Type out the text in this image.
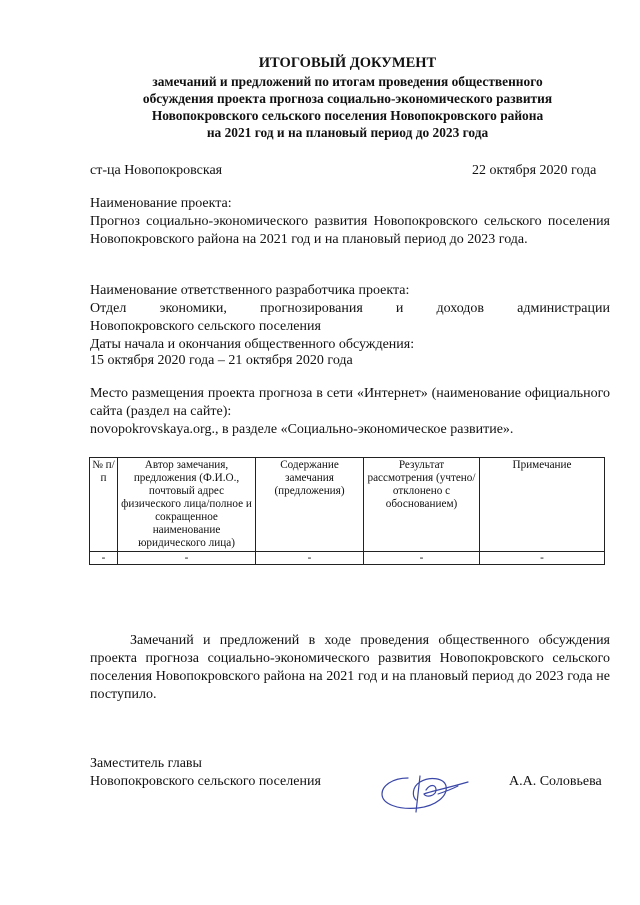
ИТОГОВЫЙ ДОКУМЕНТ
замечаний и предложений по итогам проведения общественного
обсуждения проекта прогноза социально-экономического развития
Новопокровского сельского поселения Новопокровского района
на 2021 год и на плановый период до 2023 года
ст-ца Новопокровская	22 октября 2020 года
Наименование проекта:
Прогноз социально-экономического развития Новопокровского сельского поселения Новопокровского района на 2021 год и на плановый период до 2023 года.
Наименование ответственного разработчика проекта:
Отдел экономики, прогнозирования и доходов администрации
Новопокровского сельского поселения
Даты начала и окончания общественного обсуждения:
15 октября 2020 года – 21 октября 2020 года
Место размещения проекта прогноза в сети «Интернет» (наименование официального сайта (раздел на сайте):
novopokrovskaya.org., в разделе «Социально-экономическое развитие».
№ п/п	Автор замечания, предложения (Ф.И.О., почтовый адрес физического лица/полное и сокращенное наименование юридического лица)	Содержание замечания (предложения)	Результат рассмотрения (учтено/отклонено с обоснованием)	Примечание
-	-	-	-	-
Замечаний и предложений в ходе проведения общественного обсуждения проекта прогноза социально-экономического развития Новопокровского сельского поселения Новопокровского района на 2021 год и на плановый период до 2023 года не поступило.
Заместитель главы
Новопокровского сельского поселения	А.А. Соловьева
